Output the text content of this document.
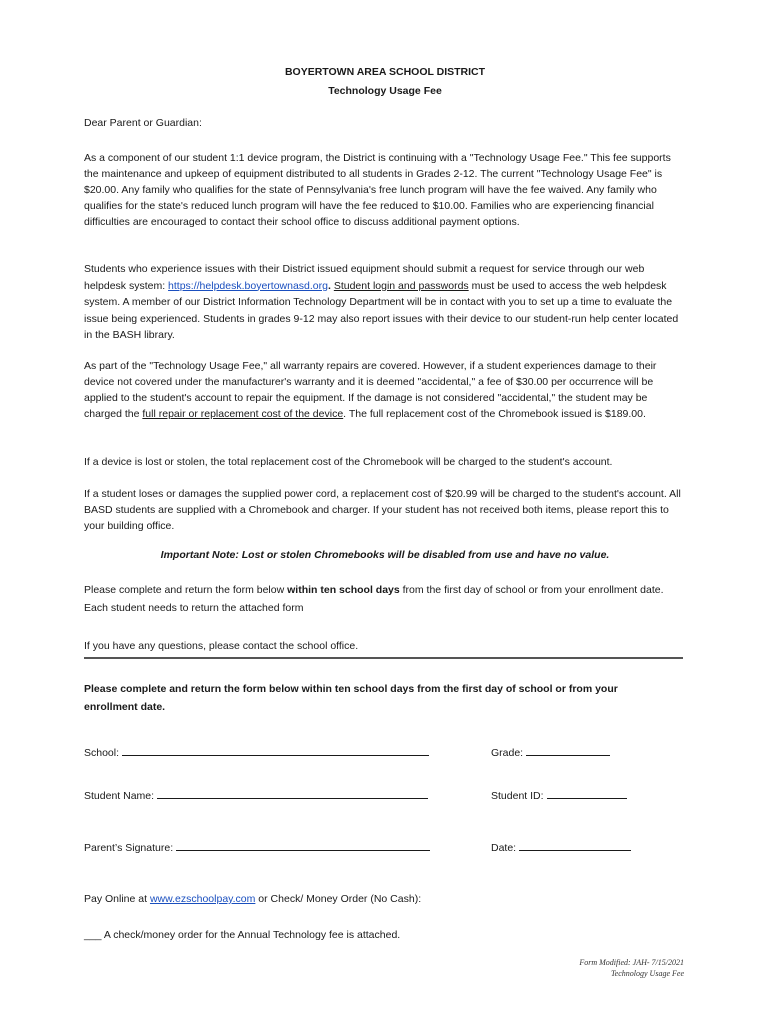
BOYERTOWN AREA SCHOOL DISTRICT
Technology Usage Fee
Dear Parent or Guardian:
As a component of our student 1:1 device program, the District is continuing with a "Technology Usage Fee." This fee supports the maintenance and upkeep of equipment distributed to all students in Grades 2-12. The current "Technology Usage Fee" is $20.00. Any family who qualifies for the state of Pennsylvania's free lunch program will have the fee waived. Any family who qualifies for the state's reduced lunch program will have the fee reduced to $10.00. Families who are experiencing financial difficulties are encouraged to contact their school office to discuss additional payment options.
Students who experience issues with their District issued equipment should submit a request for service through our web helpdesk system: https://helpdesk.boyertownasd.org. Student login and passwords must be used to access the web helpdesk system. A member of our District Information Technology Department will be in contact with you to set up a time to evaluate the issue being experienced. Students in grades 9-12 may also report issues with their device to our student-run help center located in the BASH library.
As part of the "Technology Usage Fee," all warranty repairs are covered. However, if a student experiences damage to their device not covered under the manufacturer's warranty and it is deemed "accidental," a fee of $30.00 per occurrence will be applied to the student's account to repair the equipment. If the damage is not considered "accidental," the student may be charged the full repair or replacement cost of the device. The full replacement cost of the Chromebook issued is $189.00.
If a device is lost or stolen, the total replacement cost of the Chromebook will be charged to the student's account.
If a student loses or damages the supplied power cord, a replacement cost of $20.99 will be charged to the student's account. All BASD students are supplied with a Chromebook and charger. If your student has not received both items, please report this to your building office.
Important Note: Lost or stolen Chromebooks will be disabled from use and have no value.
Please complete and return the form below within ten school days from the first day of school or from your enrollment date. Each student needs to return the attached form
If you have any questions, please contact the school office.
Please complete and return the form below within ten school days from the first day of school or from your enrollment date.
School:	Grade:
Student Name:	Student ID:
Parent’s Signature:	Date:
Pay Online at www.ezschoolpay.com or Check/ Money Order (No Cash):
___ A check/money order for the Annual Technology fee is attached.
Form Modified: JAH- 7/15/2021
Technology Usage Fee
